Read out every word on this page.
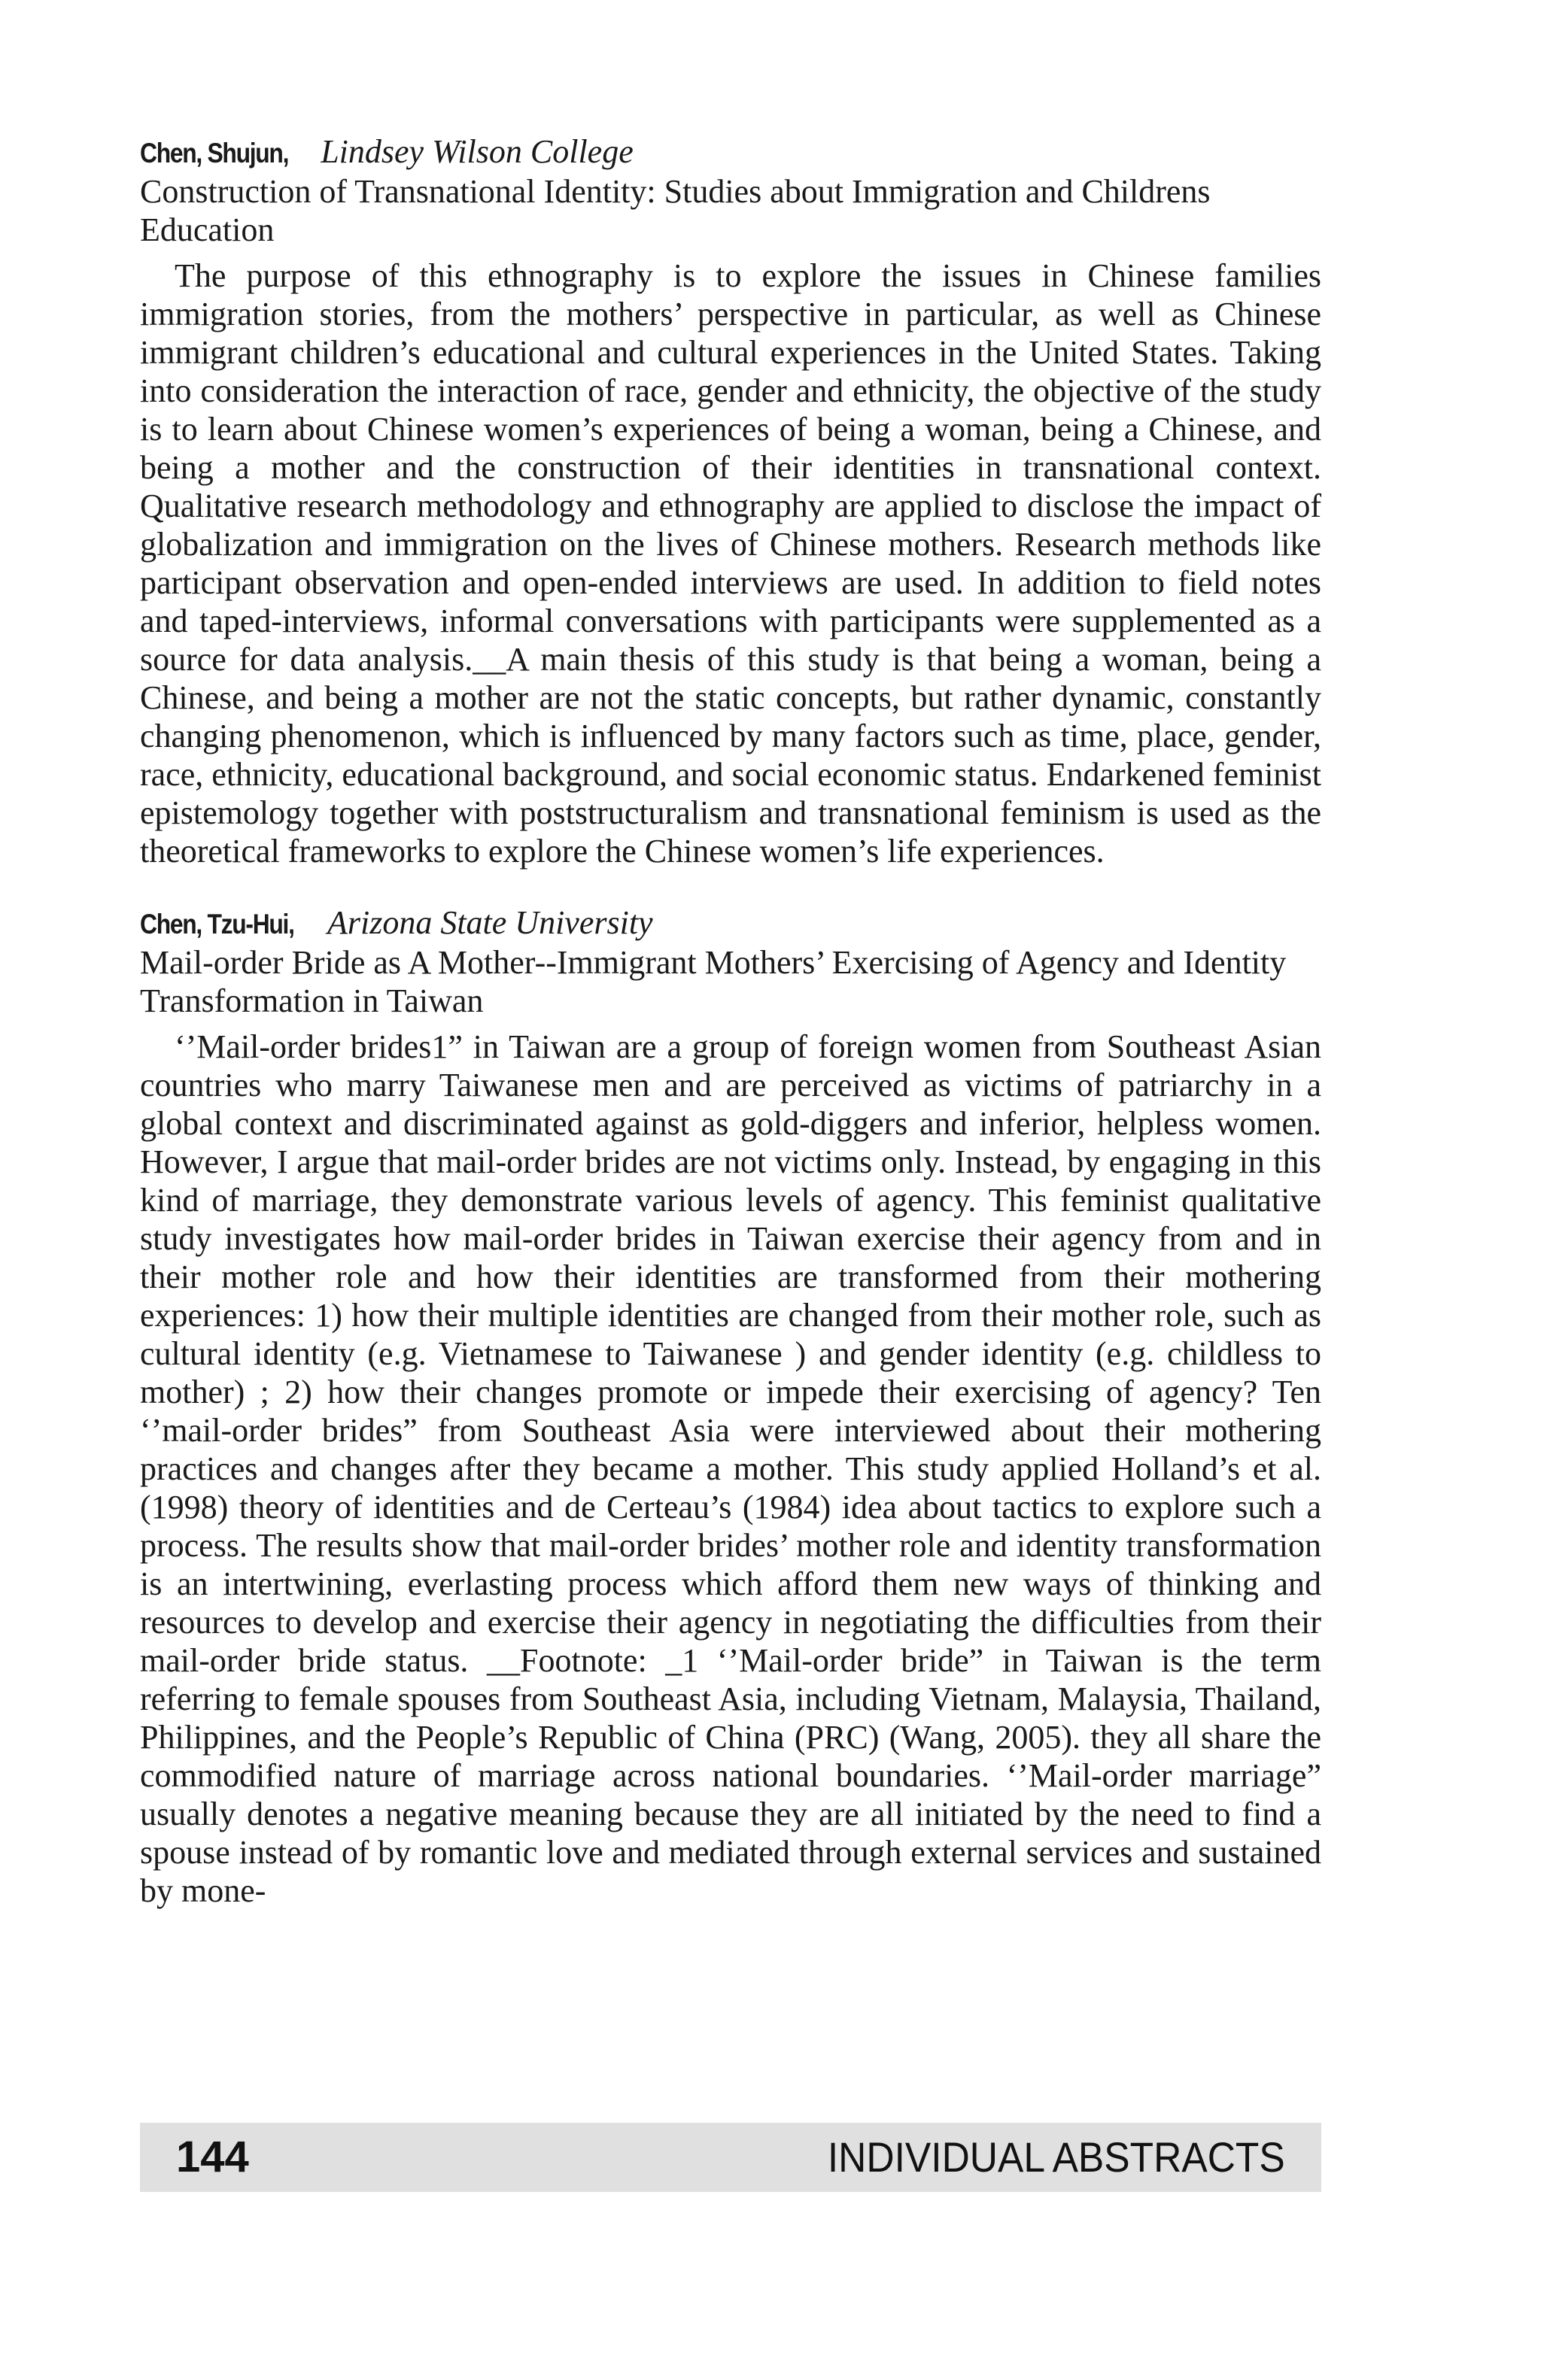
Chen, Shujun, Lindsey Wilson College

Construction of Transnational Identity: Studies about Immigration and Childrens Education

The purpose of this ethnography is to explore the issues in Chinese families immigration stories, from the mothers’ perspective in particular, as well as Chinese immigrant children’s educational and cultural experiences in the United States. Taking into consideration the interaction of race, gender and ethnicity, the objective of the study is to learn about Chinese women’s experiences of being a woman, being a Chinese, and being a mother and the construction of their identities in transnational context. Qualitative research methodology and ethnography are applied to disclose the impact of globalization and immigration on the lives of Chinese mothers. Research methods like participant observation and open-ended interviews are used. In addition to field notes and taped-interviews, informal conversations with participants were supplemented as a source for data analysis.__A main thesis of this study is that being a woman, being a Chinese, and being a mother are not the static concepts, but rather dynamic, constantly changing phenomenon, which is influenced by many factors such as time, place, gender, race, ethnicity, educational background, and social economic status. Endarkened feminist epistemology together with poststructuralism and transnational feminism is used as the theoretical frameworks to explore the Chinese women’s life experiences.

Chen, Tzu-Hui, Arizona State University

Mail-order Bride as A Mother--Immigrant Mothers’ Exercising of Agency and Identity Transformation in Taiwan

‘’Mail-order brides1” in Taiwan are a group of foreign women from Southeast Asian countries who marry Taiwanese men and are perceived as victims of patriarchy in a global context and discriminated against as gold-diggers and inferior, helpless women. However, I argue that mail-order brides are not victims only. Instead, by engaging in this kind of marriage, they demonstrate various levels of agency. This feminist qualitative study investigates how mail-order brides in Taiwan exercise their agency from and in their mother role and how their identities are transformed from their mothering experiences: 1) how their multiple identities are changed from their mother role, such as cultural identity (e.g. Vietnamese to Taiwanese ) and gender identity (e.g. childless to mother) ; 2) how their changes promote or impede their exercising of agency? Ten ‘’mail-order brides” from Southeast Asia were interviewed about their mothering practices and changes after they became a mother. This study applied Holland’s et al. (1998) theory of identities and de Certeau’s (1984) idea about tactics to explore such a process. The results show that mail-order brides’ mother role and identity transformation is an intertwining, everlasting process which afford them new ways of thinking and resources to develop and exercise their agency in negotiating the difficulties from their mail-order bride status. __Footnote: _1 ‘’Mail-order bride” in Taiwan is the term referring to female spouses from Southeast Asia, including Vietnam, Malaysia, Thailand, Philippines, and the People’s Republic of China (PRC) (Wang, 2005). they all share the commodified nature of marriage across national boundaries. ‘’Mail-order marriage” usually denotes a negative meaning because they are all initiated by the need to find a spouse instead of by romantic love and mediated through external services and sustained by mone-

144	INDIVIDUAL ABSTRACTS
